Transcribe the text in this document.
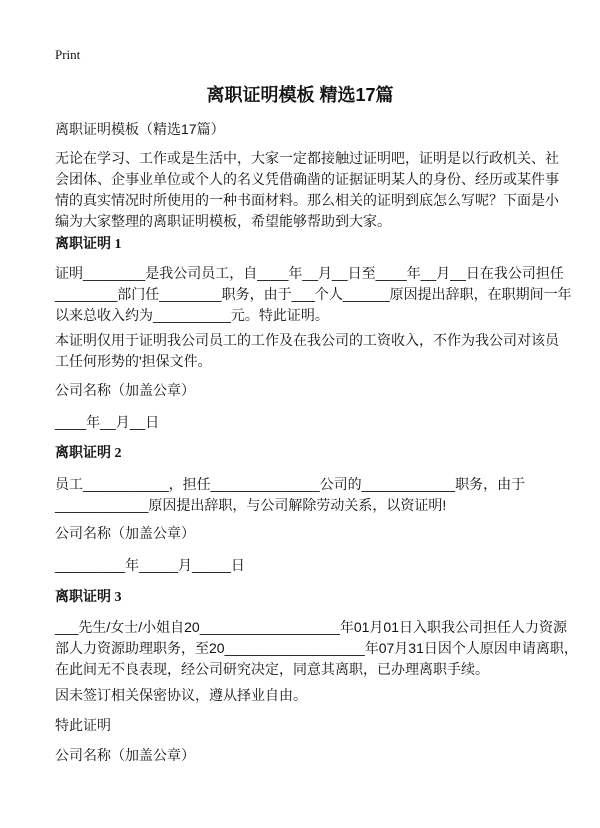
Print
离职证明模板 精选17篇
离职证明模板（精选17篇）
无论在学习、工作或是生活中，大家一定都接触过证明吧，证明是以行政机关、社
会团体、企事业单位或个人的名义凭借确凿的证据证明某人的身份、经历或某件事
情的真实情况时所使用的一种书面材料。那么相关的证明到底怎么写呢？下面是小
编为大家整理的离职证明模板，希望能够帮助到大家。
离职证明 1
证明________是我公司员工，自____年__月__日至____年__月__日在我公司担任
________部门任________职务，由于___个人______原因提出辞职，在职期间一年
以来总收入约为__________元。特此证明。
本证明仅用于证明我公司员工的工作及在我公司的工资收入，不作为我公司对该员
工任何形势的'担保文件。
公司名称（加盖公章）
____年__月__日
离职证明 2
员工___________，担任______________公司的____________职务，由于
____________原因提出辞职，与公司解除劳动关系，以资证明!
公司名称（加盖公章）
_________年_____月_____日
离职证明 3
___先生/女士/小姐自20__________________年01月01日入职我公司担任人力资源
部人力资源助理职务，至20__________________年07月31日因个人原因申请离职，
在此间无不良表现，经公司研究决定，同意其离职，已办理离职手续。
因未签订相关保密协议，遵从择业自由。
特此证明
公司名称（加盖公章）
